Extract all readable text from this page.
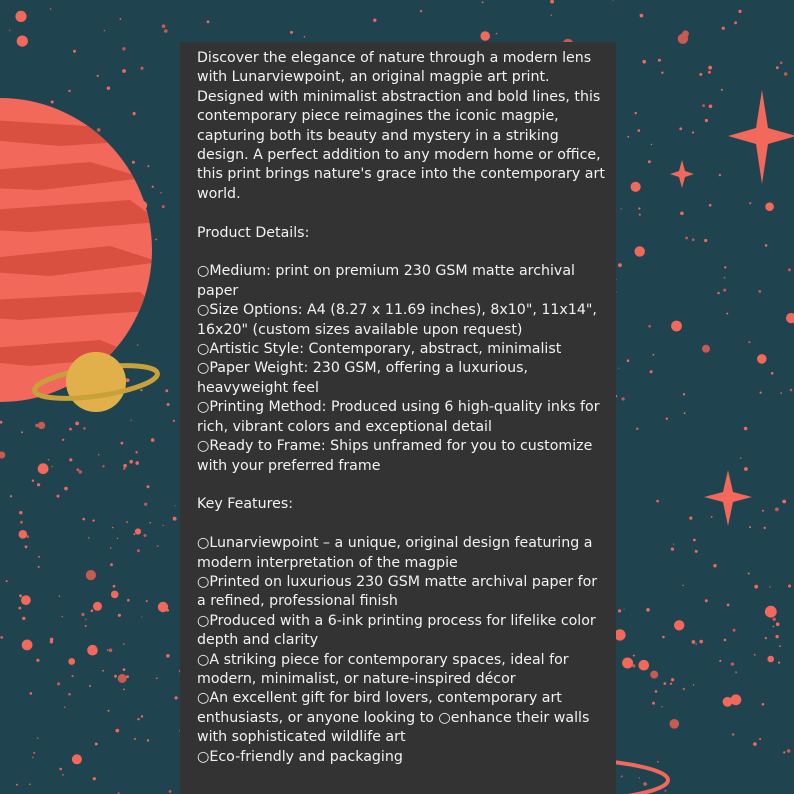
Discover the elegance of nature through a modern lens with Lunarviewpoint, an original magpie art print. Designed with minimalist abstraction and bold lines, this contemporary piece reimagines the iconic magpie, capturing both its beauty and mystery in a striking design. A perfect addition to any modern home or office, this print brings nature's grace into the contemporary art world.

Product Details:

○Medium: print on premium 230 GSM matte archival paper
○Size Options: A4 (8.27 x 11.69 inches), 8x10", 11x14", 16x20" (custom sizes available upon request)
○Artistic Style: Contemporary, abstract, minimalist
○Paper Weight: 230 GSM, offering a luxurious, heavyweight feel
○Printing Method: Produced using 6 high-quality inks for rich, vibrant colors and exceptional detail
○Ready to Frame: Ships unframed for you to customize with your preferred frame

Key Features:

○Lunarviewpoint – a unique, original design featuring a modern interpretation of the magpie
○Printed on luxurious 230 GSM matte archival paper for a refined, professional finish
○Produced with a 6-ink printing process for lifelike color depth and clarity
○A striking piece for contemporary spaces, ideal for modern, minimalist, or nature-inspired décor
○An excellent gift for bird lovers, contemporary art enthusiasts, or anyone looking to ○enhance their walls with sophisticated wildlife art
○Eco-friendly and packaging
